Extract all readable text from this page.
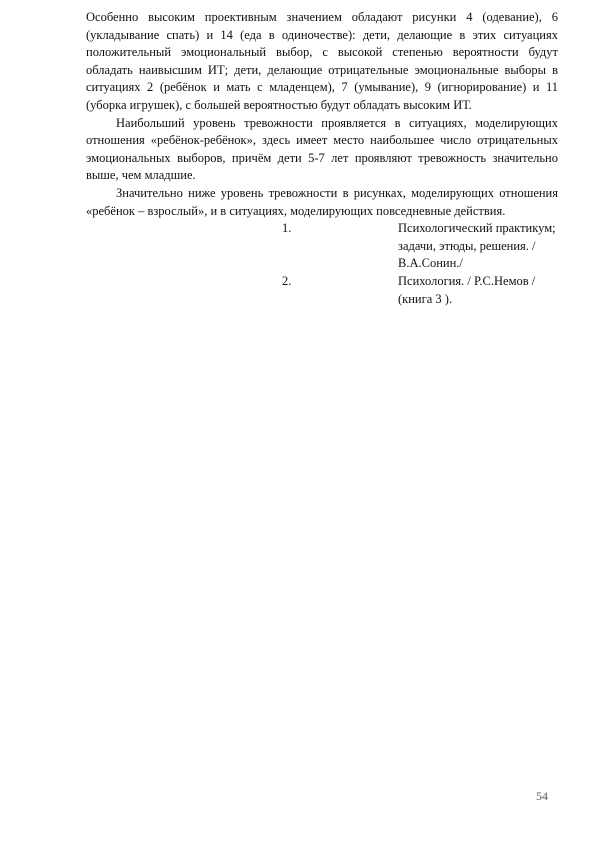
Особенно высоким проективным значением обладают рисунки 4 (одевание), 6 (укладывание спать) и 14 (еда в одиночестве): дети, делающие в этих ситуациях положительный эмоциональный выбор, с высокой степенью вероятности будут обладать наивысшим ИТ; дети, делающие отрицательные эмоциональные выборы в ситуациях 2 (ребёнок и мать с младенцем), 7 (умывание), 9 (игнорирование) и 11 (уборка игрушек), с большей вероятностью будут обладать высоким ИТ.

Наибольший уровень тревожности проявляется в ситуациях, моделирующих отношения «ребёнок-ребёнок», здесь имеет место наибольшее число отрицательных эмоциональных выборов, причём дети 5-7 лет проявляют тревожность значительно выше, чем младшие.

Значительно ниже уровень тревожности в рисунках, моделирующих отношения «ребёнок – взрослый», и в ситуациях, моделирующих повседневные действия.

1.	Психологический практикум;
задачи, этюды, решения. /В.А.Сонин./
2.	Психология. / Р.С.Немов / (книга 3 ).
54
